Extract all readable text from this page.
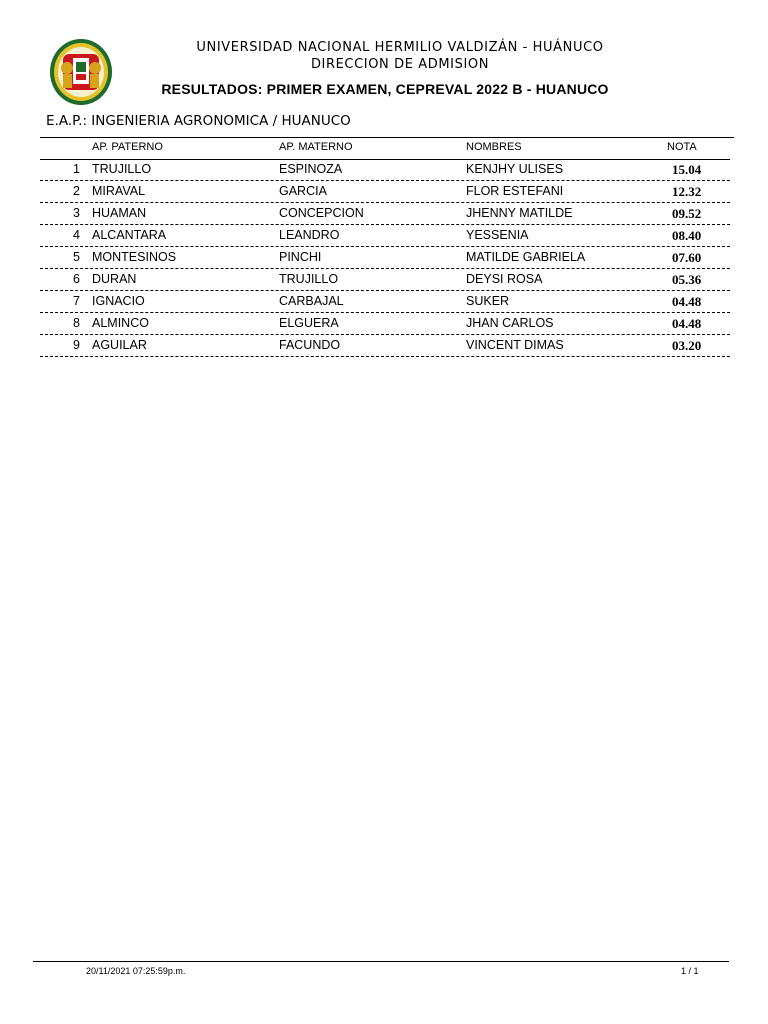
UNIVERSIDAD NACIONAL HERMILIO VALDIZÁN - HUÁNUCO
DIRECCION DE ADMISION
RESULTADOS: PRIMER EXAMEN, CEPREVAL 2022 B - HUANUCO
E.A.P.: INGENIERIA AGRONOMICA / HUANUCO
AP. PATERNO	AP. MATERNO	NOMBRES	NOTA
1 TRUJILLO	ESPINOZA	KENJHY ULISES	15.04
2 MIRAVAL	GARCIA	FLOR ESTEFANI	12.32
3 HUAMAN	CONCEPCION	JHENNY MATILDE	09.52
4 ALCANTARA	LEANDRO	YESSENIA	08.40
5 MONTESINOS	PINCHI	MATILDE GABRIELA	07.60
6 DURAN	TRUJILLO	DEYSI ROSA	05.36
7 IGNACIO	CARBAJAL	SUKER	04.48
8 ALMINCO	ELGUERA	JHAN CARLOS	04.48
9 AGUILAR	FACUNDO	VINCENT DIMAS	03.20
20/11/2021 07:25:59p.m.	1 / 1
